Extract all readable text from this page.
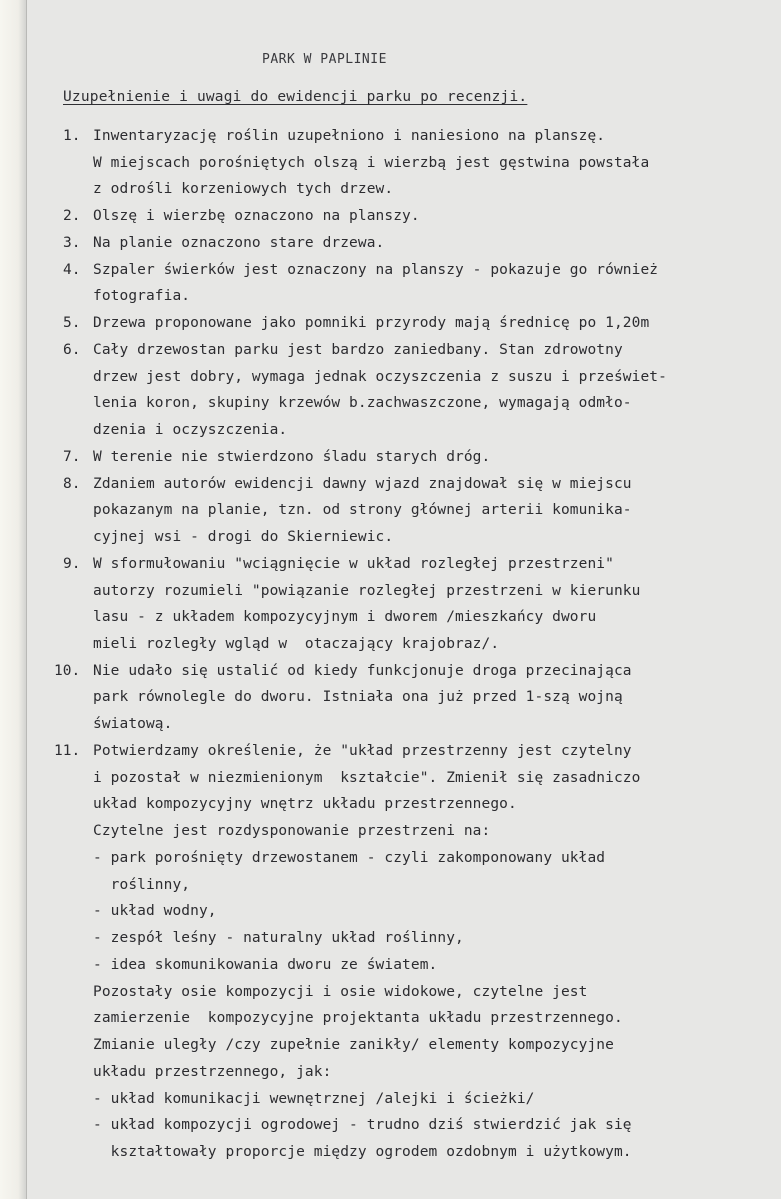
PARK W PAPLINIE
Uzupełnienie i uwagi do ewidencji parku po recenzji.
1. Inwentaryzację roślin uzupełniono i naniesiono na planszę.
W miejscach porośniętych olszą i wierzbą jest gęstwina powstała
z odrośli korzeniowych tych drzew.
2. Olszę i wierzbę oznaczono na planszy.
3. Na planie oznaczono stare drzewa.
4. Szpaler świerków jest oznaczony na planszy - pokazuje go również
fotografia.
5. Drzewa proponowane jako pomniki przyrody mają średnicę po 1,20m
6. Cały drzewostan parku jest bardzo zaniedbany. Stan zdrowotny
drzew jest dobry, wymaga jednak oczyszczenia z suszu i przeświet-
lenia koron, skupiny krzewów b.zachwaszczone, wymagają odmło-
dzenia i oczyszczenia.
7. W terenie nie stwierdzono śladu starych dróg.
8. Zdaniem autorów ewidencji dawny wjazd znajdował się w miejscu
pokazanym na planie, tzn. od strony głównej arterii komunika-
cyjnej wsi - drogi do Skierniewic.
9. W sformułowaniu "wciągnięcie w układ rozległej przestrzeni"
autorzy rozumieli "powiązanie rozległej przestrzeni w kierunku
lasu - z układem kompozycyjnym i dworem /mieszkańcy dworu
mieli rozległy wgląd w  otaczający krajobraz/.
10. Nie udało się ustalić od kiedy funkcjonuje droga przecinająca
park równolegle do dworu. Istniała ona już przed 1-szą wojną
światową.
11. Potwierdzamy określenie, że "układ przestrzenny jest czytelny
i pozostał w niezmienionym  kształcie". Zmienił się zasadniczo
układ kompozycyjny wnętrz układu przestrzennego.
Czytelne jest rozdysponowanie przestrzeni na:
- park porośnięty drzewostanem - czyli zakomponowany układ
roślinny,
- układ wodny,
- zespół leśny - naturalny układ roślinny,
- idea skomunikowania dworu ze światem.
Pozostały osie kompozycji i osie widokowe, czytelne jest
zamierzenie  kompozycyjne projektanta układu przestrzennego.
Zmianie uległy /czy zupełnie zanikły/ elementy kompozycyjne
układu przestrzennego, jak:
- układ komunikacji wewnętrznej /alejki i ścieżki/
- układ kompozycji ogrodowej - trudno dziś stwierdzić jak się
kształtowały proporcje między ogrodem ozdobnym i użytkowym.
